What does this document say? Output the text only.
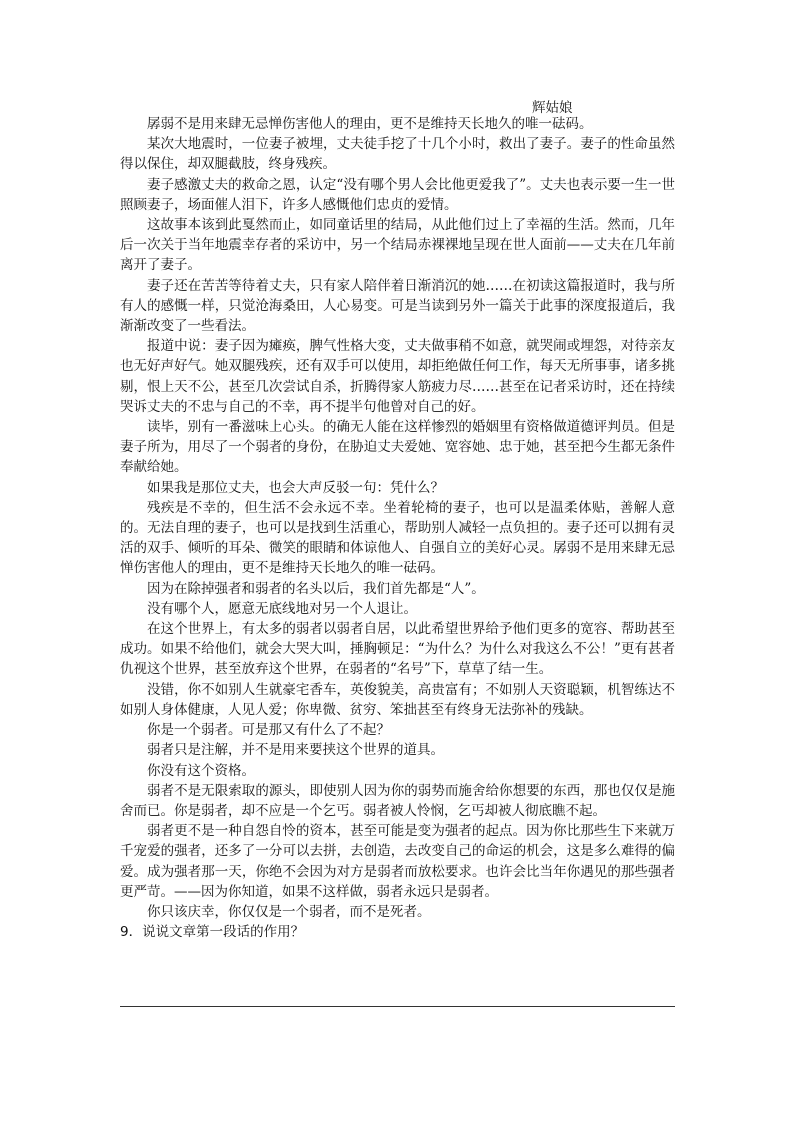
辉姑娘

孱弱不是用来肆无忌惮伤害他人的理由，更不是维持天长地久的唯一砝码。

某次大地震时，一位妻子被埋，丈夫徒手挖了十几个小时，救出了妻子。妻子的性命虽然得以保住，却双腿截肢，终身残疾。

妻子感激丈夫的救命之恩，认定“没有哪个男人会比他更爱我了”。丈夫也表示要一生一世照顾妻子，场面催人泪下，许多人感慨他们忠贞的爱情。

这故事本该到此戛然而止，如同童话里的结局，从此他们过上了幸福的生活。然而，几年后一次关于当年地震幸存者的采访中，另一个结局赤裸裸地呈现在世人面前——丈夫在几年前离开了妻子。

妻子还在苦苦等待着丈夫，只有家人陪伴着日渐消沉的她……在初读这篇报道时，我与所有人的感慨一样，只觉沧海桑田，人心易变。可是当读到另外一篇关于此事的深度报道后，我渐渐改变了一些看法。

报道中说：妻子因为瘫痪，脾气性格大变，丈夫做事稍不如意，就哭闹或埋怨，对待亲友也无好声好气。她双腿残疾，还有双手可以使用，却拒绝做任何工作，每天无所事事，诸多挑剔，恨上天不公，甚至几次尝试自杀，折腾得家人筋疲力尽……甚至在记者采访时，还在持续哭诉丈夫的不忠与自己的不幸，再不提半句他曾对自己的好。

读毕，别有一番滋味上心头。的确无人能在这样惨烈的婚姻里有资格做道德评判员。但是妻子所为，用尽了一个弱者的身份，在胁迫丈夫爱她、宽容她、忠于她，甚至把今生都无条件奉献给她。

如果我是那位丈夫，也会大声反驳一句：凭什么？

残疾是不幸的，但生活不会永远不幸。坐着轮椅的妻子，也可以是温柔体贴，善解人意的。无法自理的妻子，也可以是找到生活重心，帮助别人减轻一点负担的。妻子还可以拥有灵活的双手、倾听的耳朵、微笑的眼睛和体谅他人、自强自立的美好心灵。孱弱不是用来肆无忌惮伤害他人的理由，更不是维持天长地久的唯一砝码。

因为在除掉强者和弱者的名头以后，我们首先都是“人”。

没有哪个人，愿意无底线地对另一个人退让。

在这个世界上，有太多的弱者以弱者自居，以此希望世界给予他们更多的宽容、帮助甚至成功。如果不给他们，就会大哭大叫，捶胸顿足：“为什么？为什么对我这么不公！”更有甚者仇视这个世界，甚至放弃这个世界，在弱者的“名号”下，草草了结一生。

没错，你不如别人生就豪宅香车，英俊貌美，高贵富有；不如别人天资聪颖，机智练达不如别人身体健康，人见人爱；你卑微、贫穷、笨拙甚至有终身无法弥补的残缺。

你是一个弱者。可是那又有什么了不起？

弱者只是注解，并不是用来要挟这个世界的道具。

你没有这个资格。

弱者不是无限索取的源头，即使别人因为你的弱势而施舍给你想要的东西，那也仅仅是施舍而已。你是弱者，却不应是一个乞丐。弱者被人怜悯，乞丐却被人彻底瞧不起。

弱者更不是一种自怨自怜的资本，甚至可能是变为强者的起点。因为你比那些生下来就万千宠爱的强者，还多了一分可以去拼，去创造，去改变自己的命运的机会，这是多么难得的偏爱。成为强者那一天，你绝不会因为对方是弱者而放松要求。也许会比当年你遇见的那些强者更严苛。——因为你知道，如果不这样做，弱者永远只是弱者。

你只该庆幸，你仅仅是一个弱者，而不是死者。

9．说说文章第一段话的作用？
